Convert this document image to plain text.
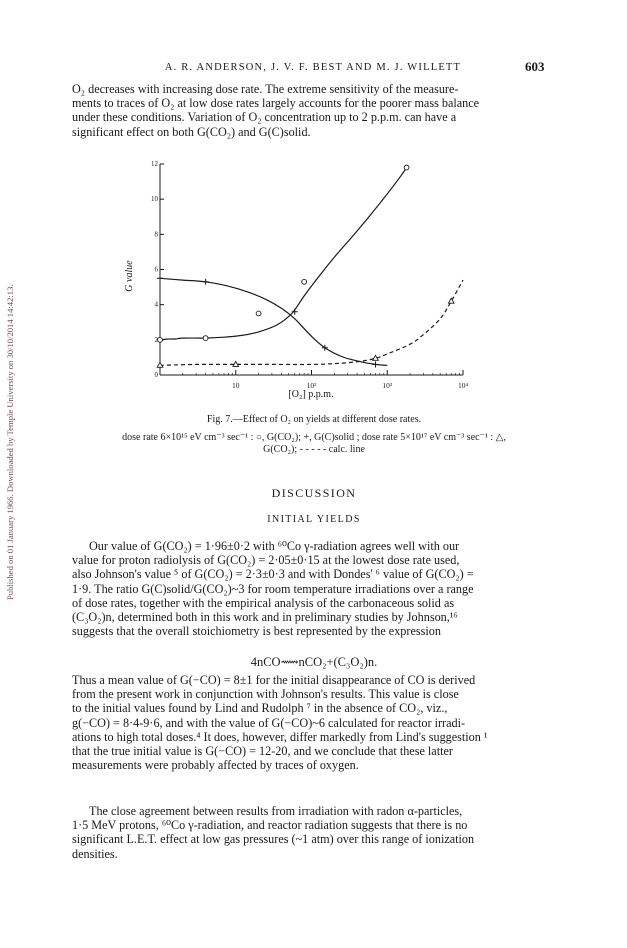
Published on 01 January 1966. Downloaded by Temple University on 30/10/2014 14:42:13.
A. R. ANDERSON, J. V. F. BEST AND M. J. WILLETT	603
O₂ decreases with increasing dose rate. The extreme sensitivity of the measure-
ments to traces of O₂ at low dose rates largely accounts for the poorer mass balance
under these conditions. Variation of O₂ concentration up to 2 p.p.m. can have a
significant effect on both G(CO₂) and G(C)solid.
0
2
4
6
8
10
12
10	10²	10³	10⁴
G value
[O₂] p.p.m.
Fig. 7.—Effect of O₂ on yields at different dose rates.
dose rate 6×10¹⁵ eV cm⁻³ sec⁻¹ : ○, G(CO₂); +, G(C)solid ; dose rate 5×10¹⁷ eV cm⁻³ sec⁻¹ : △,
G(CO₂); - - - - - calc. line
DISCUSSION
INITIAL YIELDS
Our value of G(CO₂) = 1·96±0·2 with ⁶⁰Co γ-radiation agrees well with our
value for proton radiolysis of G(CO₂) = 2·05±0·15 at the lowest dose rate used,
also Johnson's value ⁵ of G(CO₂) = 2·3±0·3 and with Dondes' ⁶ value of G(CO₂) =
1·9. The ratio G(C)solid/G(CO₂)~3 for room temperature irradiations over a range
of dose rates, together with the empirical analysis of the carbonaceous solid as
(C₃O₂)n, determined both in this work and in preliminary studies by Johnson,¹⁶
suggests that the overall stoichiometry is best represented by the expression
4nCO⟿nCO₂+(C₃O₂)n.
Thus a mean value of G(−CO) = 8±1 for the initial disappearance of CO is derived
from the present work in conjunction with Johnson's results. This value is close
to the initial values found by Lind and Rudolph ⁷ in the absence of CO₂, viz.,
g(−CO) = 8·4-9·6, and with the value of G(−CO)~6 calculated for reactor irradi-
ations to high total doses.⁴ It does, however, differ markedly from Lind's suggestion ¹
that the true initial value is G(−CO) = 12-20, and we conclude that these latter
measurements were probably affected by traces of oxygen.
The close agreement between results from irradiation with radon α-particles,
1·5 MeV protons, ⁶⁰Co γ-radiation, and reactor radiation suggests that there is no
significant L.E.T. effect at low gas pressures (~1 atm) over this range of ionization
densities.
